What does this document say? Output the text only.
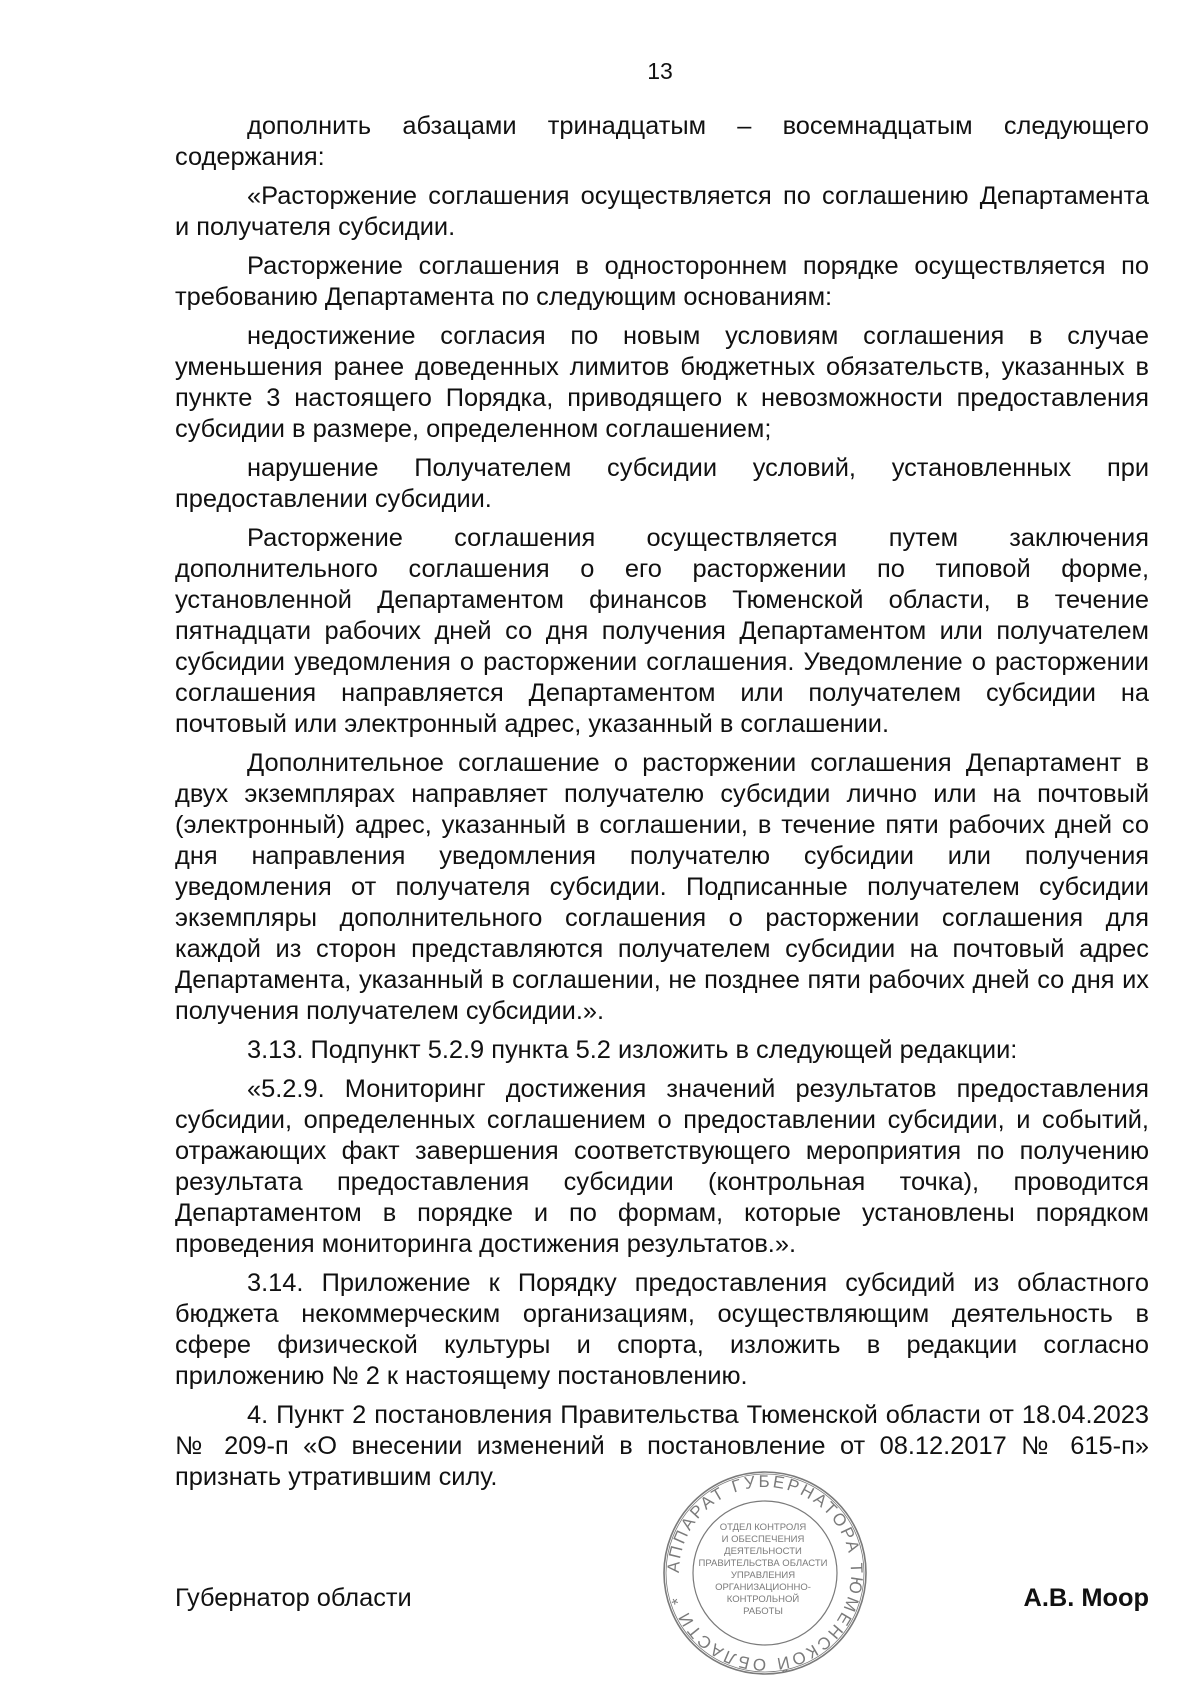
13

дополнить абзацами тринадцатым – восемнадцатым следующего содержания:

«Расторжение соглашения осуществляется по соглашению Департамента и получателя субсидии.

Расторжение соглашения в одностороннем порядке осуществляется по требованию Департамента по следующим основаниям:

недостижение согласия по новым условиям соглашения в случае уменьшения ранее доведенных лимитов бюджетных обязательств, указанных в пункте 3 настоящего Порядка, приводящего к невозможности предоставления субсидии в размере, определенном соглашением;

нарушение Получателем субсидии условий, установленных при предоставлении субсидии.

Расторжение соглашения осуществляется путем заключения дополнительного соглашения о его расторжении по типовой форме, установленной Департаментом финансов Тюменской области, в течение пятнадцати рабочих дней со дня получения Департаментом или получателем субсидии уведомления о расторжении соглашения. Уведомление о расторжении соглашения направляется Департаментом или получателем субсидии на почтовый или электронный адрес, указанный в соглашении.

Дополнительное соглашение о расторжении соглашения Департамент в двух экземплярах направляет получателю субсидии лично или на почтовый (электронный) адрес, указанный в соглашении, в течение пяти рабочих дней со дня направления уведомления получателю субсидии или получения уведомления от получателя субсидии. Подписанные получателем субсидии экземпляры дополнительного соглашения о расторжении соглашения для каждой из сторон представляются получателем субсидии на почтовый адрес Департамента, указанный в соглашении, не позднее пяти рабочих дней со дня их получения получателем субсидии.».

3.13. Подпункт 5.2.9 пункта 5.2 изложить в следующей редакции:

«5.2.9. Мониторинг достижения значений результатов предоставления субсидии, определенных соглашением о предоставлении субсидии, и событий, отражающих факт завершения соответствующего мероприятия по получению результата предоставления субсидии (контрольная точка), проводится Департаментом в порядке и по формам, которые установлены порядком проведения мониторинга достижения результатов.».

3.14. Приложение к Порядку предоставления субсидий из областного бюджета некоммерческим организациям, осуществляющим деятельность в сфере физической культуры и спорта, изложить в редакции согласно приложению № 2 к настоящему постановлению.

4. Пункт 2 постановления Правительства Тюменской области от 18.04.2023 № 209-п «О внесении изменений в постановление от 08.12.2017 № 615-п» признать утратившим силу.

АППАРАТ ГУБЕРНАТОРА ТЮМЕНСКОЙ ОБЛАСТИ *
ОТДЕЛ КОНТРОЛЯ
И ОБЕСПЕЧЕНИЯ
ДЕЯТЕЛЬНОСТИ
ПРАВИТЕЛЬСТВА ОБЛАСТИ
УПРАВЛЕНИЯ
ОРГАНИЗАЦИОННО-
КОНТРОЛЬНОЙ
РАБОТЫ
Губернатор области	А.В. Моор
